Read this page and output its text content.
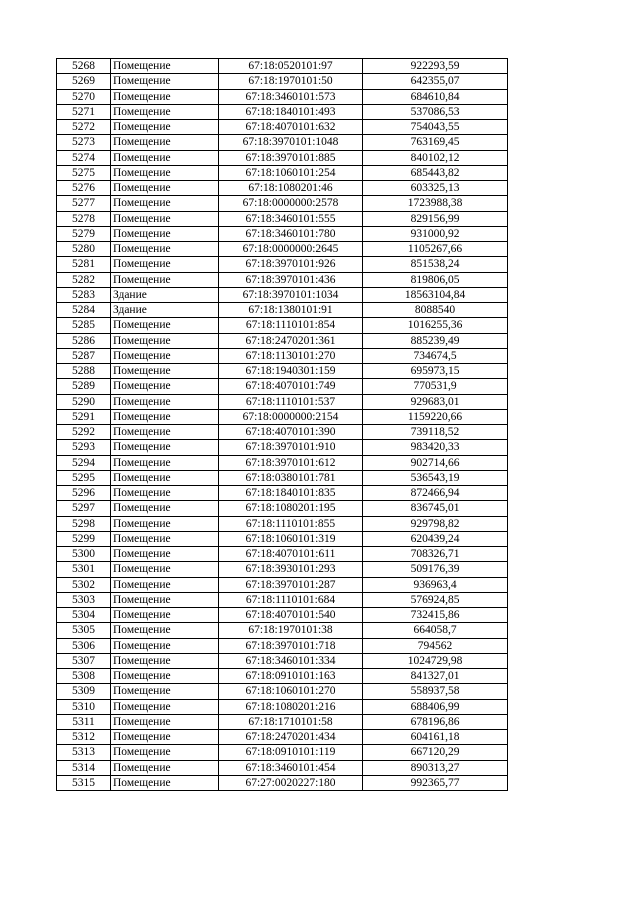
5268	Помещение	67:18:0520101:97	922293,59
5269	Помещение	67:18:1970101:50	642355,07
5270	Помещение	67:18:3460101:573	684610,84
5271	Помещение	67:18:1840101:493	537086,53
5272	Помещение	67:18:4070101:632	754043,55
5273	Помещение	67:18:3970101:1048	763169,45
5274	Помещение	67:18:3970101:885	840102,12
5275	Помещение	67:18:1060101:254	685443,82
5276	Помещение	67:18:1080201:46	603325,13
5277	Помещение	67:18:0000000:2578	1723988,38
5278	Помещение	67:18:3460101:555	829156,99
5279	Помещение	67:18:3460101:780	931000,92
5280	Помещение	67:18:0000000:2645	1105267,66
5281	Помещение	67:18:3970101:926	851538,24
5282	Помещение	67:18:3970101:436	819806,05
5283	Здание	67:18:3970101:1034	18563104,84
5284	Здание	67:18:1380101:91	8088540
5285	Помещение	67:18:1110101:854	1016255,36
5286	Помещение	67:18:2470201:361	885239,49
5287	Помещение	67:18:1130101:270	734674,5
5288	Помещение	67:18:1940301:159	695973,15
5289	Помещение	67:18:4070101:749	770531,9
5290	Помещение	67:18:1110101:537	929683,01
5291	Помещение	67:18:0000000:2154	1159220,66
5292	Помещение	67:18:4070101:390	739118,52
5293	Помещение	67:18:3970101:910	983420,33
5294	Помещение	67:18:3970101:612	902714,66
5295	Помещение	67:18:0380101:781	536543,19
5296	Помещение	67:18:1840101:835	872466,94
5297	Помещение	67:18:1080201:195	836745,01
5298	Помещение	67:18:1110101:855	929798,82
5299	Помещение	67:18:1060101:319	620439,24
5300	Помещение	67:18:4070101:611	708326,71
5301	Помещение	67:18:3930101:293	509176,39
5302	Помещение	67:18:3970101:287	936963,4
5303	Помещение	67:18:1110101:684	576924,85
5304	Помещение	67:18:4070101:540	732415,86
5305	Помещение	67:18:1970101:38	664058,7
5306	Помещение	67:18:3970101:718	794562
5307	Помещение	67:18:3460101:334	1024729,98
5308	Помещение	67:18:0910101:163	841327,01
5309	Помещение	67:18:1060101:270	558937,58
5310	Помещение	67:18:1080201:216	688406,99
5311	Помещение	67:18:1710101:58	678196,86
5312	Помещение	67:18:2470201:434	604161,18
5313	Помещение	67:18:0910101:119	667120,29
5314	Помещение	67:18:3460101:454	890313,27
5315	Помещение	67:27:0020227:180	992365,77
